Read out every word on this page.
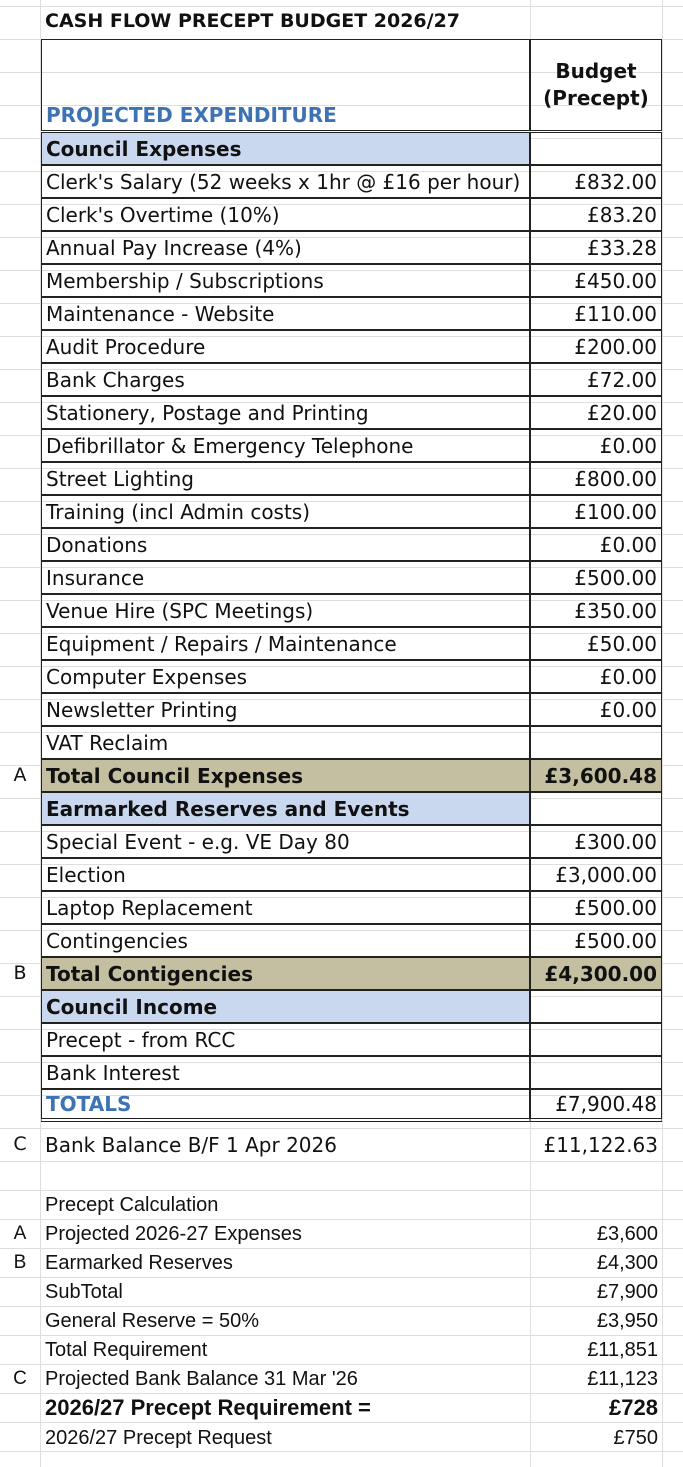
CASH FLOW PRECEPT BUDGET 2026/27
PROJECTED EXPENDITURE
Budget
(Precept)
Council Expenses
Clerk's Salary (52 weeks x 1hr @ £16 per hour)	£832.00
Clerk's Overtime (10%)	£83.20
Annual Pay Increase (4%)	£33.28
Membership / Subscriptions	£450.00
Maintenance - Website	£110.00
Audit Procedure	£200.00
Bank Charges	£72.00
Stationery, Postage and Printing	£20.00
Defibrillator & Emergency Telephone	£0.00
Street Lighting	£800.00
Training (incl Admin costs)	£100.00
Donations	£0.00
Insurance	£500.00
Venue Hire (SPC Meetings)	£350.00
Equipment / Repairs / Maintenance	£50.00
Computer Expenses	£0.00
Newsletter Printing	£0.00
VAT Reclaim
A Total Council Expenses	£3,600.48
Earmarked Reserves and Events
Special Event - e.g. VE Day 80	£300.00
Election	£3,000.00
Laptop Replacement	£500.00
Contingencies	£500.00
B Total Contigencies	£4,300.00
Council Income
Precept - from RCC
Bank Interest
TOTALS	£7,900.48
C Bank Balance B/F 1 Apr 2026	£11,122.63
Precept Calculation
A Projected 2026-27 Expenses	£3,600
B Earmarked Reserves	£4,300
SubTotal	£7,900
General Reserve = 50%	£3,950
Total Requirement	£11,851
C Projected Bank Balance 31 Mar '26	£11,123
2026/27 Precept Requirement =	£728
2026/27 Precept Request	£750
